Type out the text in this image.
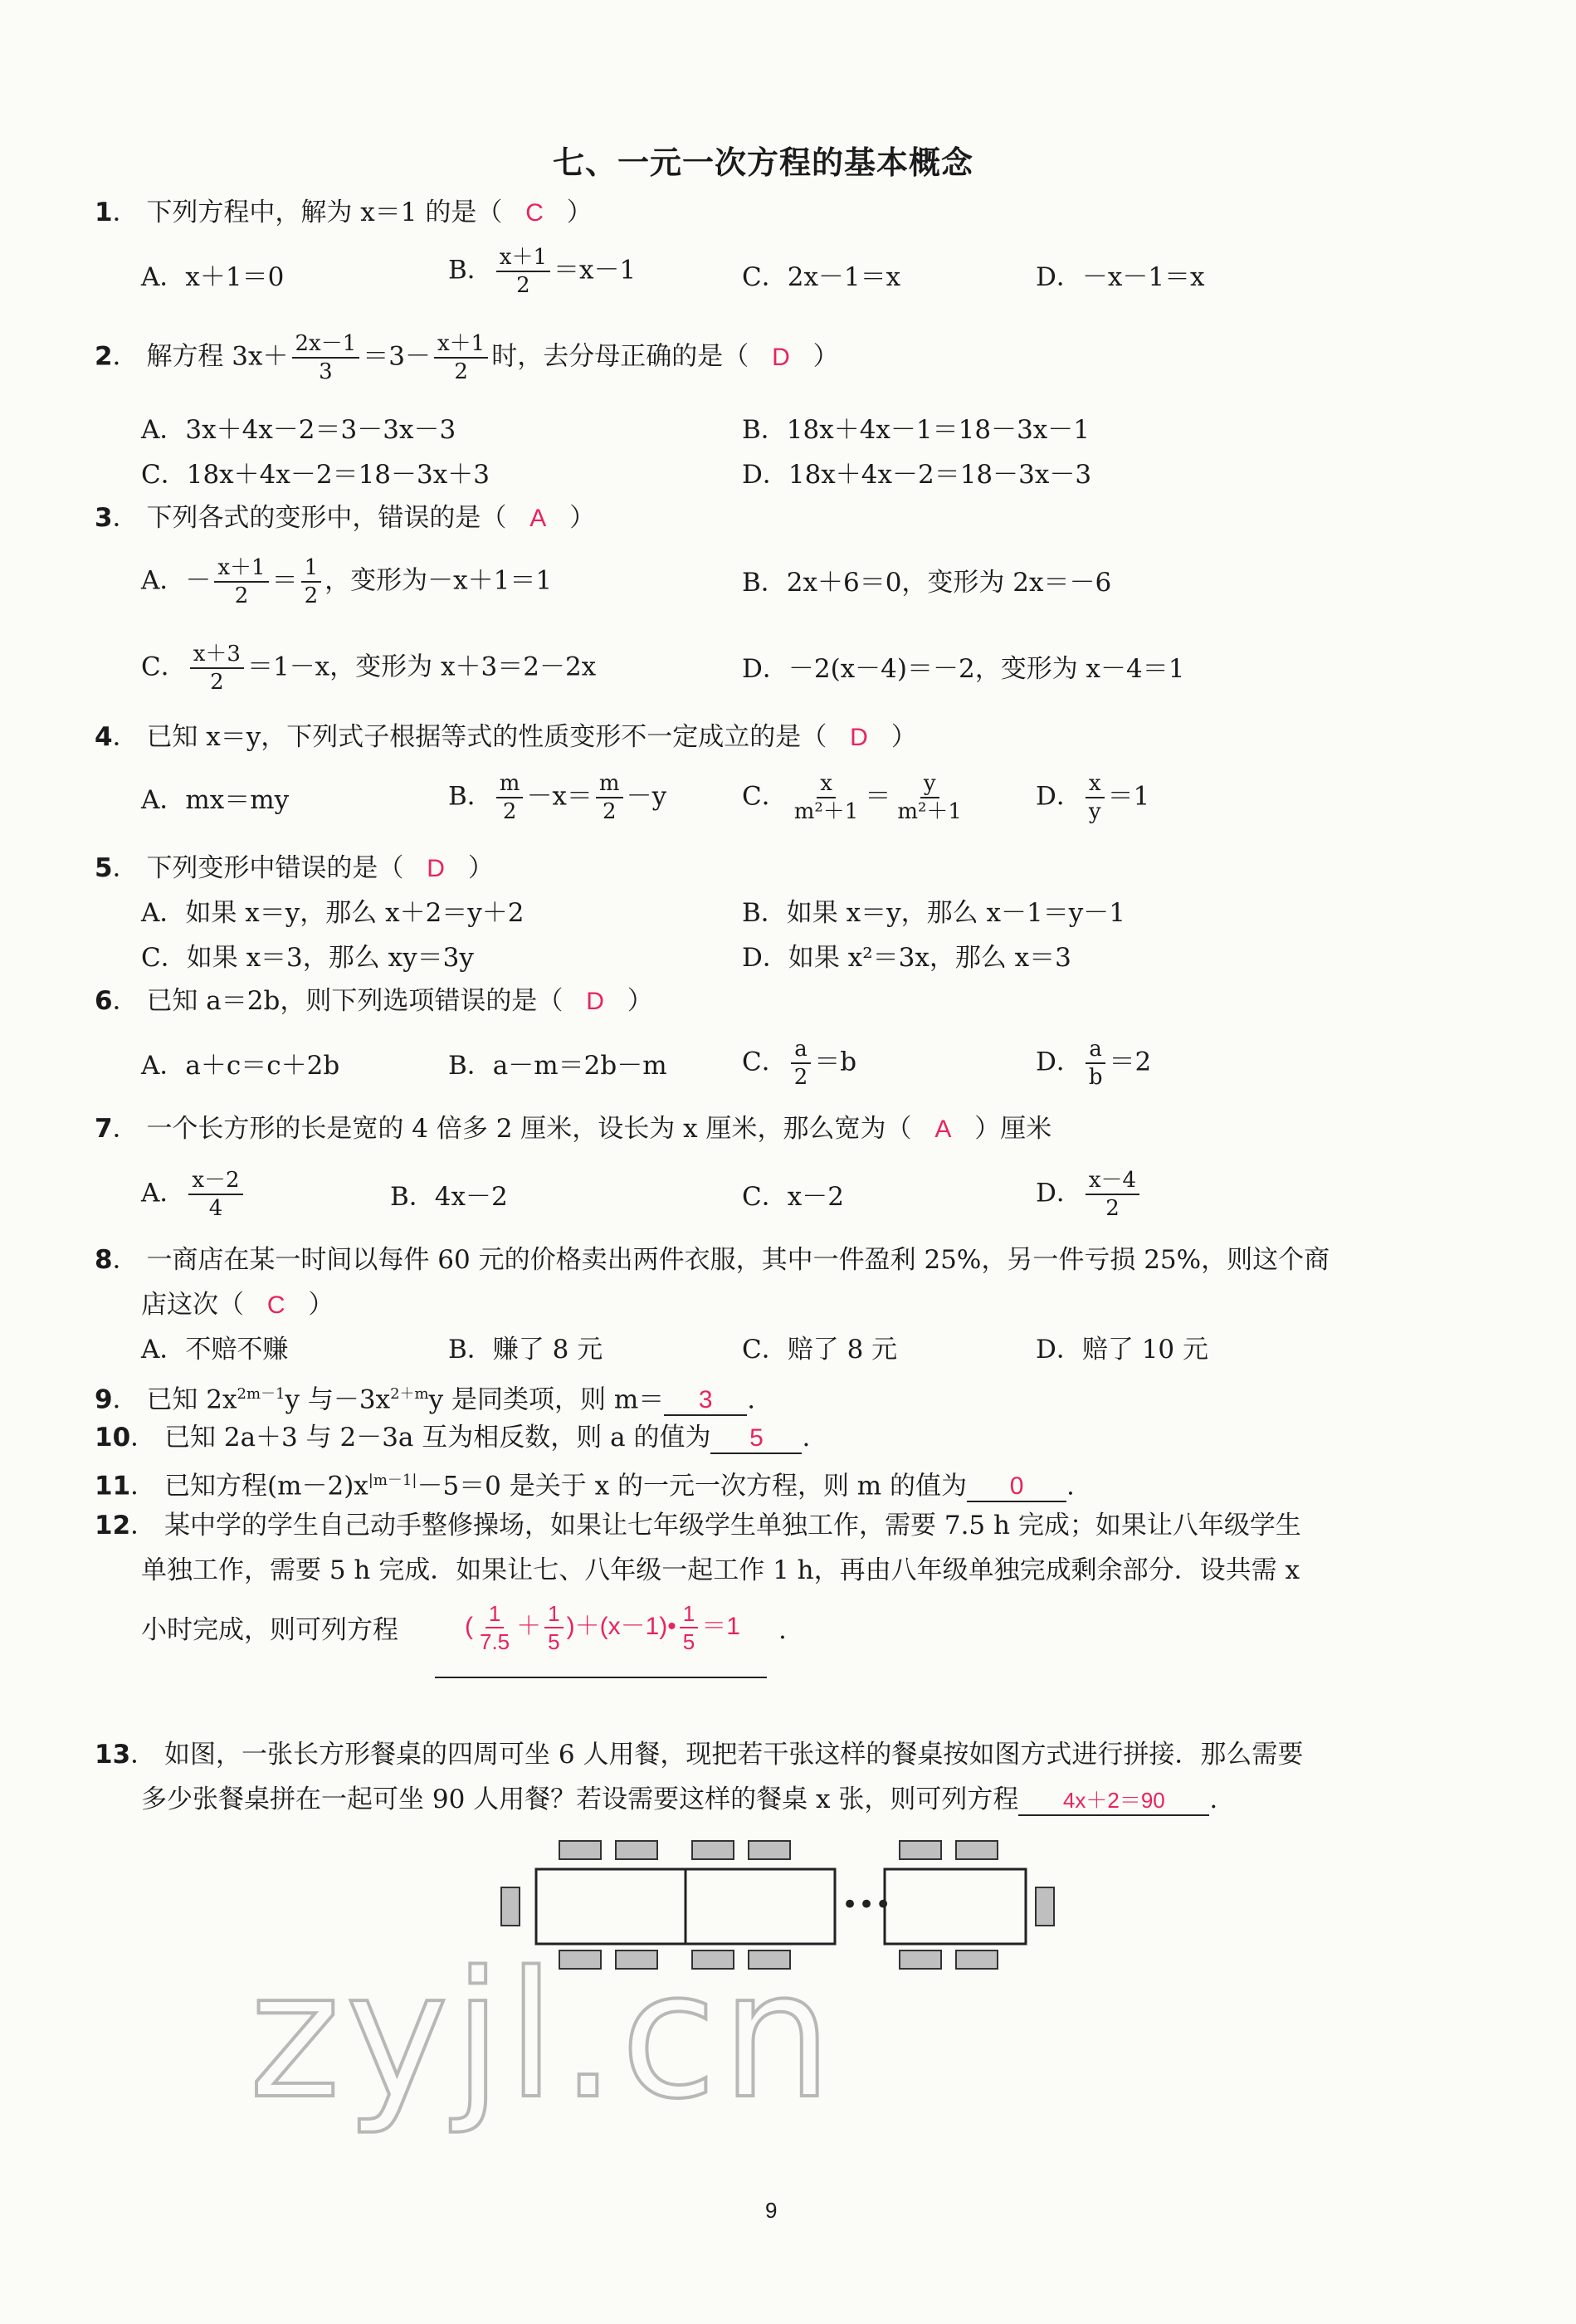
七、一元一次方程的基本概念
1． 下列方程中，解为 x＝1 的是（ C ）
A．x＋1＝0	B． $\frac{x+1}{2} =x-1$	C．2x－1＝x	D．－x－1＝x
2． 解方程 $3x+ \frac{2x-1}{3} =3- \frac{x+1}{2}$ 时，去分母正确的是（ D ）
A．3x＋4x－2＝3－3x－3	B．18x＋4x－1＝18－3x－1
C．18x＋4x－2＝18－3x＋3	D．18x＋4x－2＝18－3x－3
3． 下列各式的变形中，错误的是（ A ）
A．－ $\frac{x+1}{2} = \frac{1}{2}$ ，变形为－x＋1＝1	B．2x＋6＝0，变形为 2x＝－6
C． $\frac{x+3}{2} =1-x$，变形为 x＋3＝2－2x	D．－2(x－4)＝－2，变形为 x－4＝1
4． 已知 x＝y，下列式子根据等式的性质变形不一定成立的是（ D ）
A．mx＝my	B． $\frac{m}{2} -x= \frac{m}{2} -y$	C． $\frac{x}{\text{m²＋1}} = \frac{y}{\text{m²＋1}}$	D． $\frac{x}{y} =1$
5． 下列变形中错误的是（ D ）
A．如果 x＝y，那么 x＋2＝y＋2	B．如果 x＝y，那么 x－1＝y－1
C．如果 x＝3，那么 xy＝3y	D．如果 x²＝3x，那么 x＝3
6． 已知 a＝2b，则下列选项错误的是（ D ）
A．a＋c＝c＋2b	B．a－m＝2b－m	C． $\frac{a}{2} =b$	D． $\frac{a}{b} =2$
7． 一个长方形的长是宽的 4 倍多 2 厘米，设长为 x 厘米，那么宽为（ A ）厘米
A． $\frac{x-2}{4}$	B．4x－2	C．x－2	D． $\frac{x-4}{2}$
8． 一商店在某一时间以每件 60 元的价格卖出两件衣服，其中一件盈利 25%，另一件亏损 25%，则这个商
店这次（ C ）
A．不赔不赚	B．赚了 8 元	C．赔了 8 元	D．赔了 10 元
9． 已知 $2x^{2m-1}y$ 与$-3x^{2+m}y$ 是同类项，则 m＝ 3 .
10． 已知 2a＋3 与 2－3a 互为相反数，则 a 的值为 5 .
11． 已知方程$(m-2)x^{|m-1|}-5=0$ 是关于 x 的一元一次方程，则 m 的值为 0 .
12． 某中学的学生自己动手整修操场，如果让七年级学生单独工作，需要 7.5 h 完成；如果让八年级学生
单独工作，需要 5 h 完成．如果让七、八年级一起工作 1 h，再由八年级单独完成剩余部分．设共需 x
小时完成，则可列方程	( $\frac{1}{7.5} + \frac{1}{5}$ )＋(x－1)• $\frac{1}{5} =1$ .
13． 如图，一张长方形餐桌的四周可坐 6 人用餐，现把若干张这样的餐桌按如图方式进行拼接．那么需要
多少张餐桌拼在一起可坐 90 人用餐？若设需要这样的餐桌 x 张，则可列方程 4x＋2＝90 .
•••
zyjl.cn
9
